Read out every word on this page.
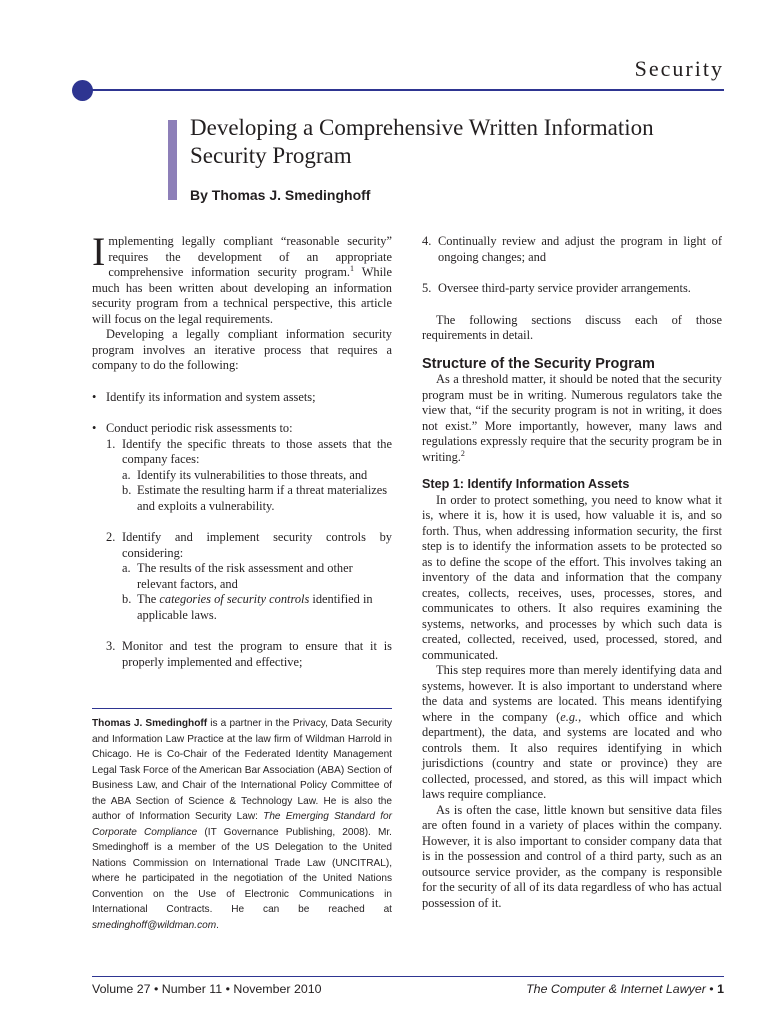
Security
Developing a Comprehensive Written Information Security Program
By Thomas J. Smedinghoff

Implementing legally compliant “reasonable security” requires the development of an appropriate comprehensive information security program.$^1$ While much has been written about developing an information security program from a technical perspective, this article will focus on the legal requirements.

Developing a legally compliant information security program involves an iterative process that requires a company to do the following:

• Identify its information and system assets;
• Conduct periodic risk assessments to:
1. Identify the specific threats to those assets that the company faces:
a. Identify its vulnerabilities to those threats, and
b. Estimate the resulting harm if a threat materializes and exploits a vulnerability.
2. Identify and implement security controls by considering:
a. The results of the risk assessment and other relevant factors, and
b. The categories of security controls identified in applicable laws.
3. Monitor and test the program to ensure that it is properly implemented and effective;
Thomas J. Smedinghoff is a partner in the Privacy, Data Security and Information Law Practice at the law firm of Wildman Harrold in Chicago. He is Co-Chair of the Federated Identity Management Legal Task Force of the American Bar Association (ABA) Section of Business Law, and Chair of the International Policy Committee of the ABA Section of Science & Technology Law. He is also the author of Information Security Law: The Emerging Standard for Corporate Compliance (IT Governance Publishing, 2008). Mr. Smedinghoff is a member of the US Delegation to the United Nations Commission on International Trade Law (UNCITRAL), where he participated in the negotiation of the United Nations Convention on the Use of Electronic Communications in International Contracts. He can be reached at smedinghoff@wildman.com.
4. Continually review and adjust the program in light of ongoing changes; and
5. Oversee third-party service provider arrangements.

The following sections discuss each of those requirements in detail.

Structure of the Security Program

As a threshold matter, it should be noted that the security program must be in writing. Numerous regulators take the view that, “if the security program is not in writing, it does not exist.” More importantly, however, many laws and regulations expressly require that the security program be in writing.$^2$

Step 1: Identify Information Assets

In order to protect something, you need to know what it is, where it is, how it is used, how valuable it is, and so forth. Thus, when addressing information security, the first step is to identify the information assets to be protected so as to define the scope of the effort. This involves taking an inventory of the data and information that the company creates, collects, receives, uses, processes, stores, and communicates to others. It also requires examining the systems, networks, and processes by which such data is created, collected, received, used, processed, stored, and communicated.

This step requires more than merely identifying data and systems, however. It is also important to understand where the data and systems are located. This means identifying where in the company (e.g., which office and which department), the data, and systems are located and who controls them. It also requires identifying in which jurisdictions (country and state or province) they are collected, processed, and stored, as this will impact which laws require compliance.

As is often the case, little known but sensitive data files are often found in a variety of places within the company. However, it is also important to consider company data that is in the possession and control of a third party, such as an outsource service provider, as the company is responsible for the security of all of its data regardless of who has actual possession of it.

Volume 27 • Number 11 • November 2010	The Computer & Internet Lawyer • 1
